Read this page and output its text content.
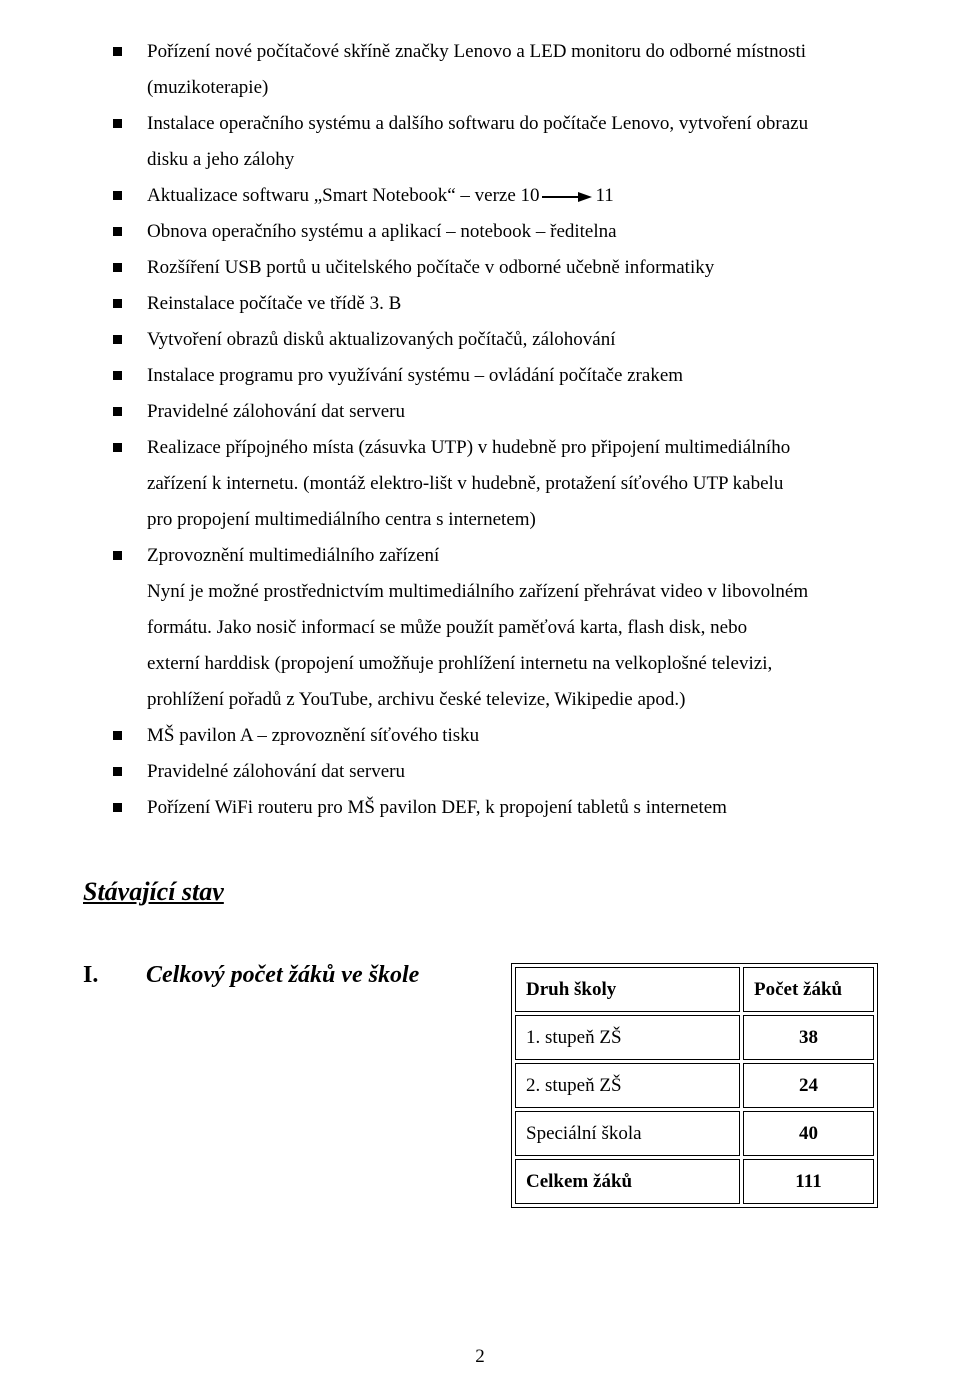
Pořízení nové počítačové skříně značky Lenovo a LED monitoru do odborné místnosti
(muzikoterapie)
Instalace operačního systému a dalšího softwaru do počítače Lenovo, vytvoření obrazu
disku a jeho zálohy
Aktualizace softwaru „Smart Notebook“ – verze 10	11
Obnova operačního systému a aplikací – notebook – ředitelna
Rozšíření USB portů u učitelského počítače v odborné učebně informatiky
Reinstalace počítače ve třídě 3. B
Vytvoření obrazů disků aktualizovaných počítačů, zálohování
Instalace programu pro využívání systému – ovládání počítače zrakem
Pravidelné zálohování dat serveru
Realizace přípojného místa (zásuvka UTP) v hudebně pro připojení multimediálního
zařízení k internetu. (montáž elektro-lišt v hudebně, protažení síťového UTP kabelu
pro propojení multimediálního centra s internetem)
Zprovoznění multimediálního zařízení
Nyní je možné prostřednictvím multimediálního zařízení přehrávat video v libovolném
formátu. Jako nosič informací se může použít paměťová karta, flash disk, nebo
externí harddisk (propojení umožňuje prohlížení internetu na velkoplošné televizi,
prohlížení pořadů z YouTube, archivu české televize, Wikipedie apod.)
MŠ pavilon A – zprovoznění síťového tisku
Pravidelné zálohování dat serveru
Pořízení WiFi routeru pro MŠ pavilon DEF, k propojení tabletů s internetem
Stávající stav
I. Celkový počet žáků ve škole
Druh školy	Počet žáků
1. stupeň ZŠ	38
2. stupeň ZŠ	24
Speciální škola	40
Celkem žáků	111
2
